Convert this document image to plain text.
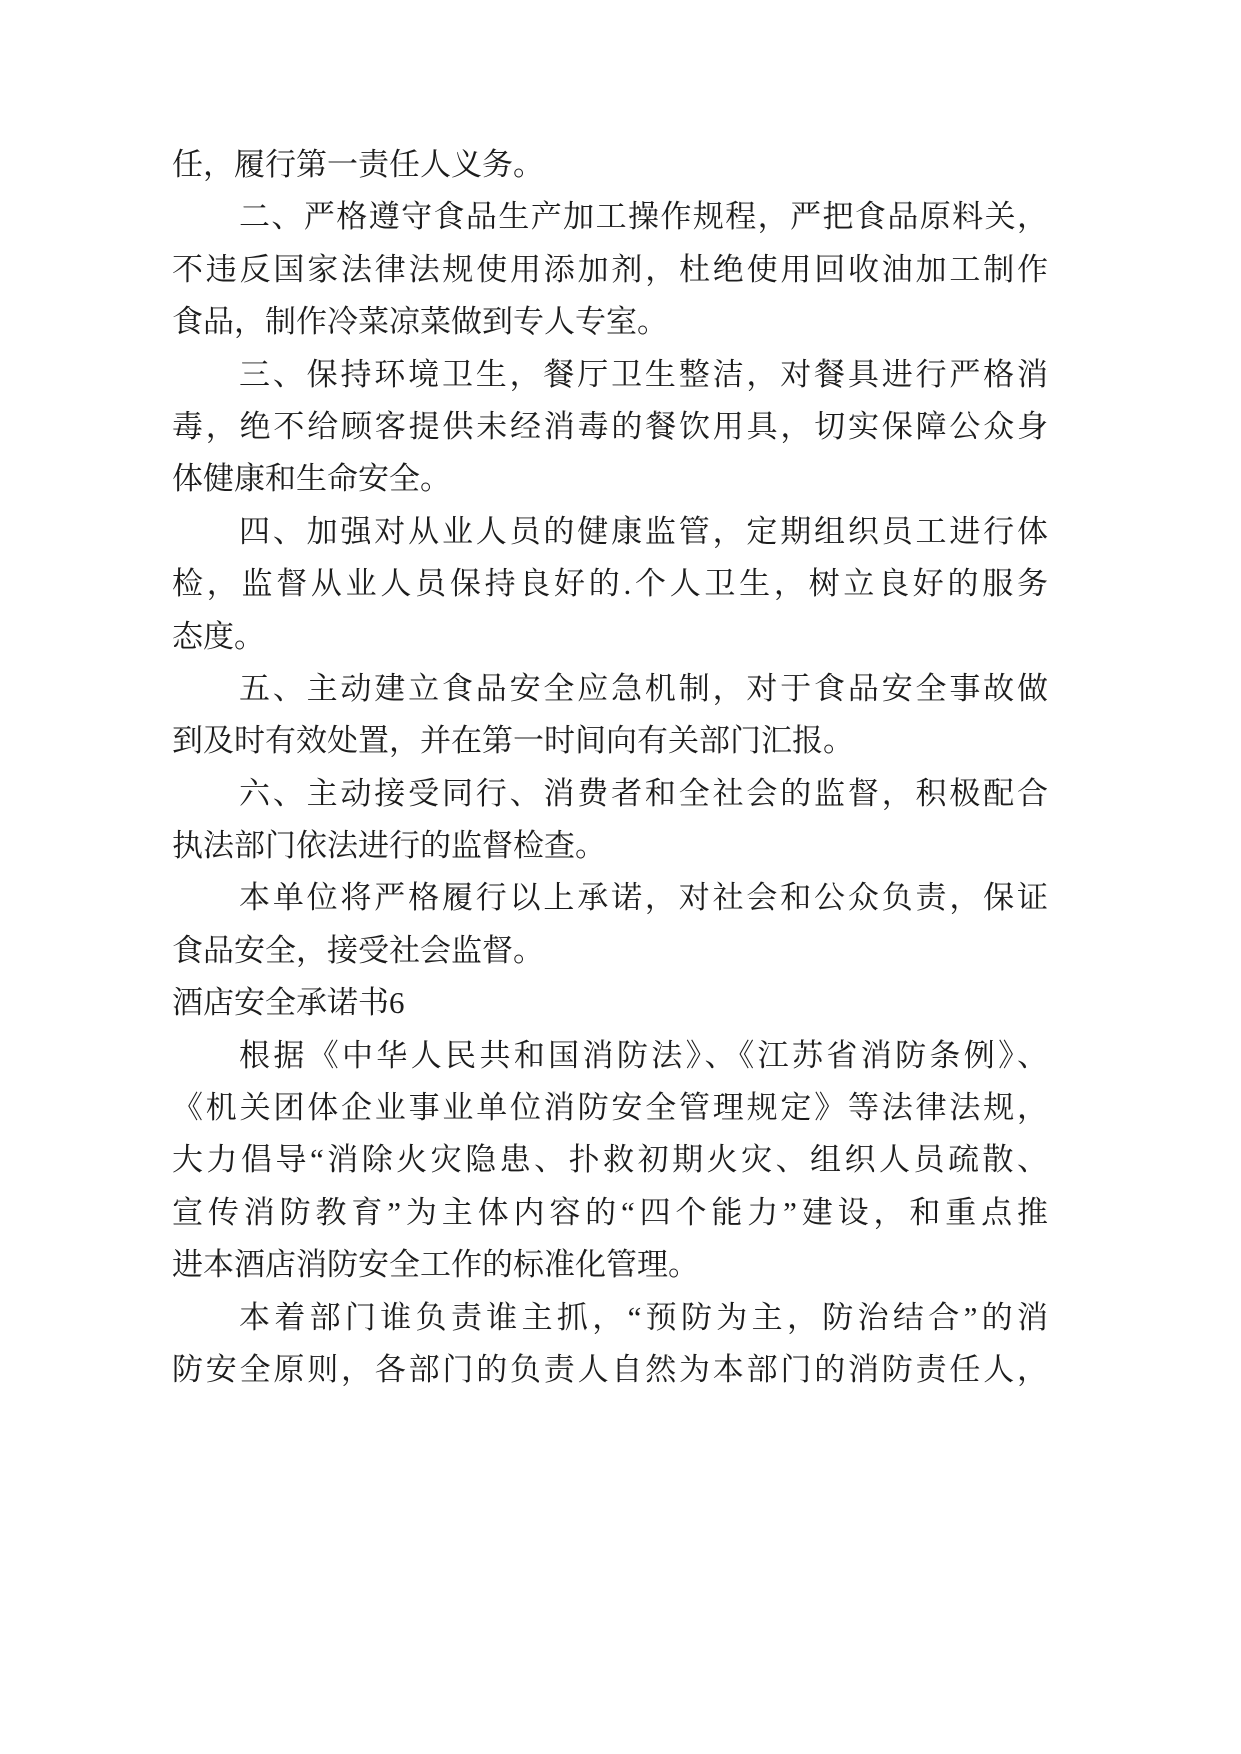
任，履行第一责任人义务。
二、严格遵守食品生产加工操作规程，严把食品原料关，
不违反国家法律法规使用添加剂，杜绝使用回收油加工制作
食品，制作冷菜凉菜做到专人专室。
三、保持环境卫生，餐厅卫生整洁，对餐具进行严格消
毒，绝不给顾客提供未经消毒的餐饮用具，切实保障公众身
体健康和生命安全。
四、加强对从业人员的健康监管，定期组织员工进行体
检，监督从业人员保持良好的.个人卫生，树立良好的服务
态度。
五、主动建立食品安全应急机制，对于食品安全事故做
到及时有效处置，并在第一时间向有关部门汇报。
六、主动接受同行、消费者和全社会的监督，积极配合
执法部门依法进行的监督检查。
本单位将严格履行以上承诺，对社会和公众负责，保证
食品安全，接受社会监督。
酒店安全承诺书6
根据《中华人民共和国消防法》、《江苏省消防条例》、
《机关团体企业事业单位消防安全管理规定》等法律法规，
大力倡导“消除火灾隐患、扑救初期火灾、组织人员疏散、
宣传消防教育”为主体内容的“四个能力”建设，和重点推
进本酒店消防安全工作的标准化管理。
本着部门谁负责谁主抓，“预防为主，防治结合”的消
防安全原则，各部门的负责人自然为本部门的消防责任人，
